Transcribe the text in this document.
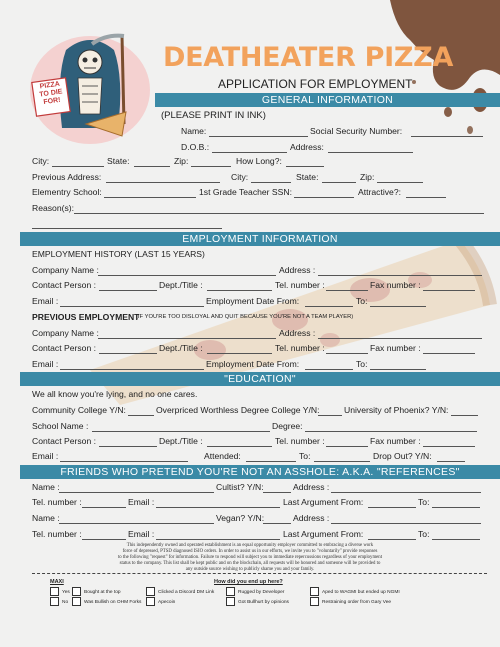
PIZZA TO DIE FOR!
DEATHEATER PIZZA
APPLICATION FOR EMPLOYMENT
GENERAL INFORMATION
(PLEASE PRINT IN INK)
Name:	Social Security Number:
D.O.B.:	Address:
City:	State:	Zip:	How Long?:
Previous Address:	City:	State:	Zip:
Elementry School:	1st Grade Teacher SSN:	Attractive?:
Reason(s):
EMPLOYMENT INFORMATION
EMPLOYMENT HISTORY (LAST 15 YEARS)
Company Name :	Address :
Contact Person :	Dept./Title :	Tel. number :	Fax number :
Email :	Employment Date From:	To:
PREVIOUS EMPLOYMENT
(IF YOU'RE TOO DISLOYAL AND QUIT BECAUSE YOU'RE NOT A TEAM PLAYER)
Company Name :	Address :
Contact Person :	Dept./Title :	Tel. number :	Fax number :
Email :	Employment Date From:	To:
"EDUCATION"
We all know you're lying, and no one cares.
Community College Y/N:	Overpriced Worthless Degree College Y/N:	University of Phoenix? Y/N:
School Name :	Degree:
Contact Person :	Dept./Title :	Tel. number :	Fax number :
Email :	Attended:	To:	Drop Out? Y/N:
FRIENDS WHO PRETEND YOU'RE NOT AN ASSHOLE: A.K.A. "REFERENCES"
Name :	Cultist? Y/N:	Address :
Tel. number :	Email :	Last Argument From:	To:
Name :	Vegan? Y/N:	Address :
Tel. number :	Email :	Last Argument From:	To:
This independently owned and operated establishment is an equal opportunity employer committed to embracing a diverse work
force of depressed, PTSD diagnosed ISIO orders. In order to assist us in our efforts, we invite you to "voluntarily" provide responses
to the following "request" for information. Failure to respond will subject you to immediate repercussions regardless of your employment
status to the company. This list shall be kept public and on the blockchain, all requests will be honored and someone will be provided to
any outside source wishing to publicly shame you and your family.
MAXI	How did you end up here?
Yes
No
Bought at the top
Was Bullish on OHM Forks
Clicked a Discord DM Link
Apecoin
Rugged by Developer
Got Bullhurt by opinions
Aped to WAGMI but ended up NGMI
Restraining order from Gary Vee
